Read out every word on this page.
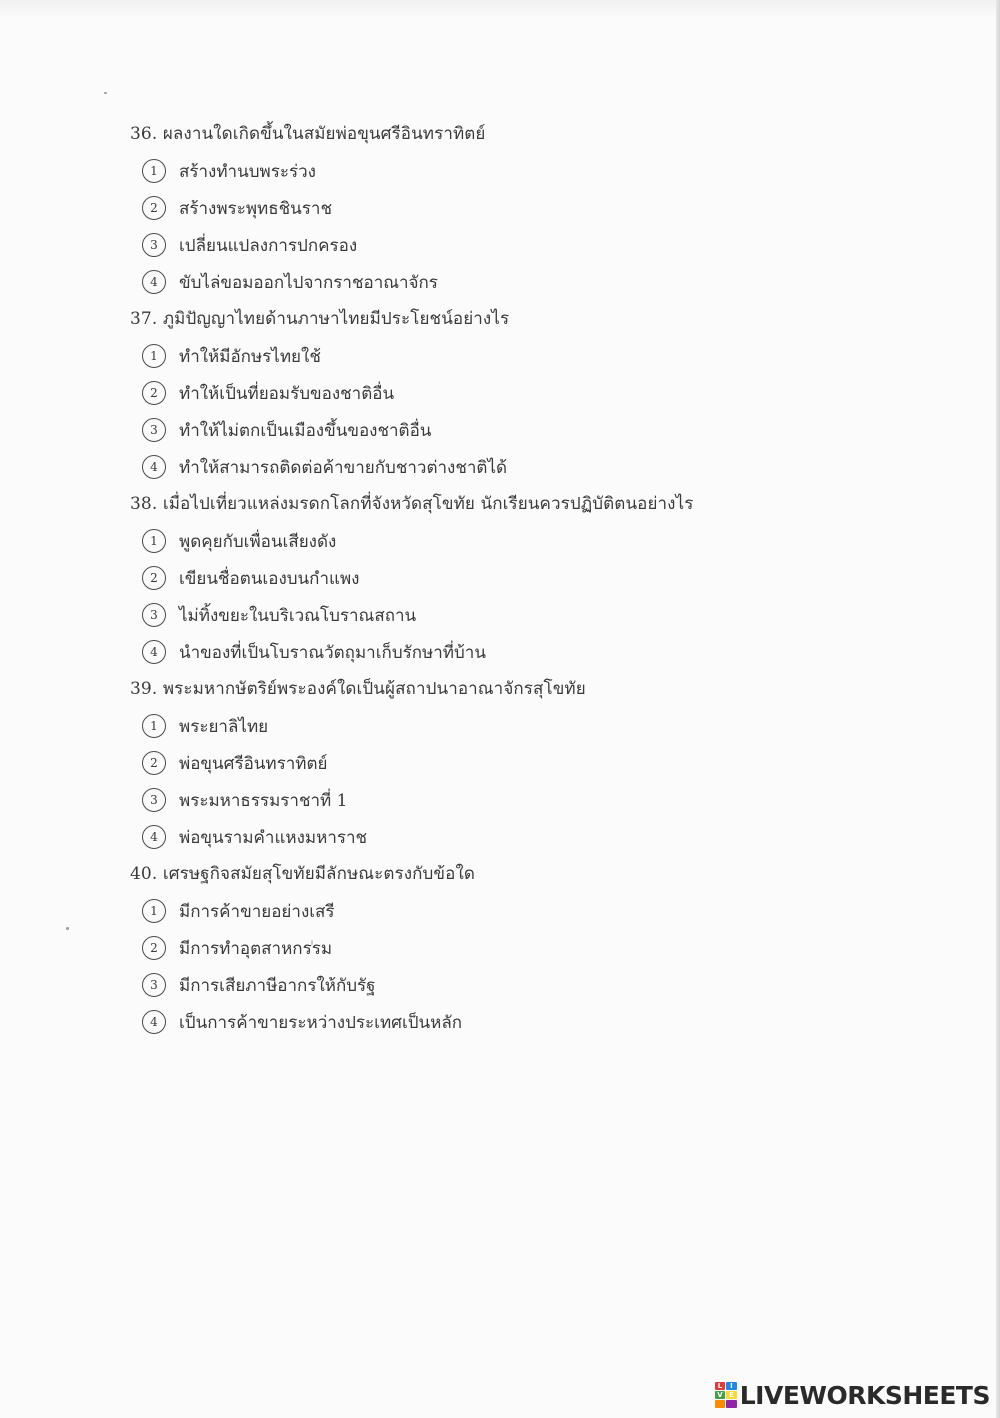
36. ผลงานใดเกิดขึ้นในสมัยพ่อขุนศรีอินทราทิตย์
1	สร้างทำนบพระร่วง
2	สร้างพระพุทธชินราช
3	เปลี่ยนแปลงการปกครอง
4	ขับไล่ขอมออกไปจากราชอาณาจักร
37. ภูมิปัญญาไทยด้านภาษาไทยมีประโยชน์อย่างไร
1	ทำให้มีอักษรไทยใช้
2	ทำให้เป็นที่ยอมรับของชาติอื่น
3	ทำให้ไม่ตกเป็นเมืองขึ้นของชาติอื่น
4	ทำให้สามารถติดต่อค้าขายกับชาวต่างชาติได้
38. เมื่อไปเที่ยวแหล่งมรดกโลกที่จังหวัดสุโขทัย นักเรียนควรปฏิบัติตนอย่างไร
1	พูดคุยกับเพื่อนเสียงดัง
2	เขียนชื่อตนเองบนกำแพง
3	ไม่ทิ้งขยะในบริเวณโบราณสถาน
4	นำของที่เป็นโบราณวัตถุมาเก็บรักษาที่บ้าน
39. พระมหากษัตริย์พระองค์ใดเป็นผู้สถาปนาอาณาจักรสุโขทัย
1	พระยาลิไทย
2	พ่อขุนศรีอินทราทิตย์
3	พระมหาธรรมราชาที่ 1
4	พ่อขุนรามคำแหงมหาราช
40. เศรษฐกิจสมัยสุโขทัยมีลักษณะตรงกับข้อใด
1	มีการค้าขายอย่างเสรี
2	มีการทำอุตสาหกรรม
3	มีการเสียภาษีอากรให้กับรัฐ
4	เป็นการค้าขายระหว่างประเทศเป็นหลัก
L	I
V E LIVEWORKSHEETS
